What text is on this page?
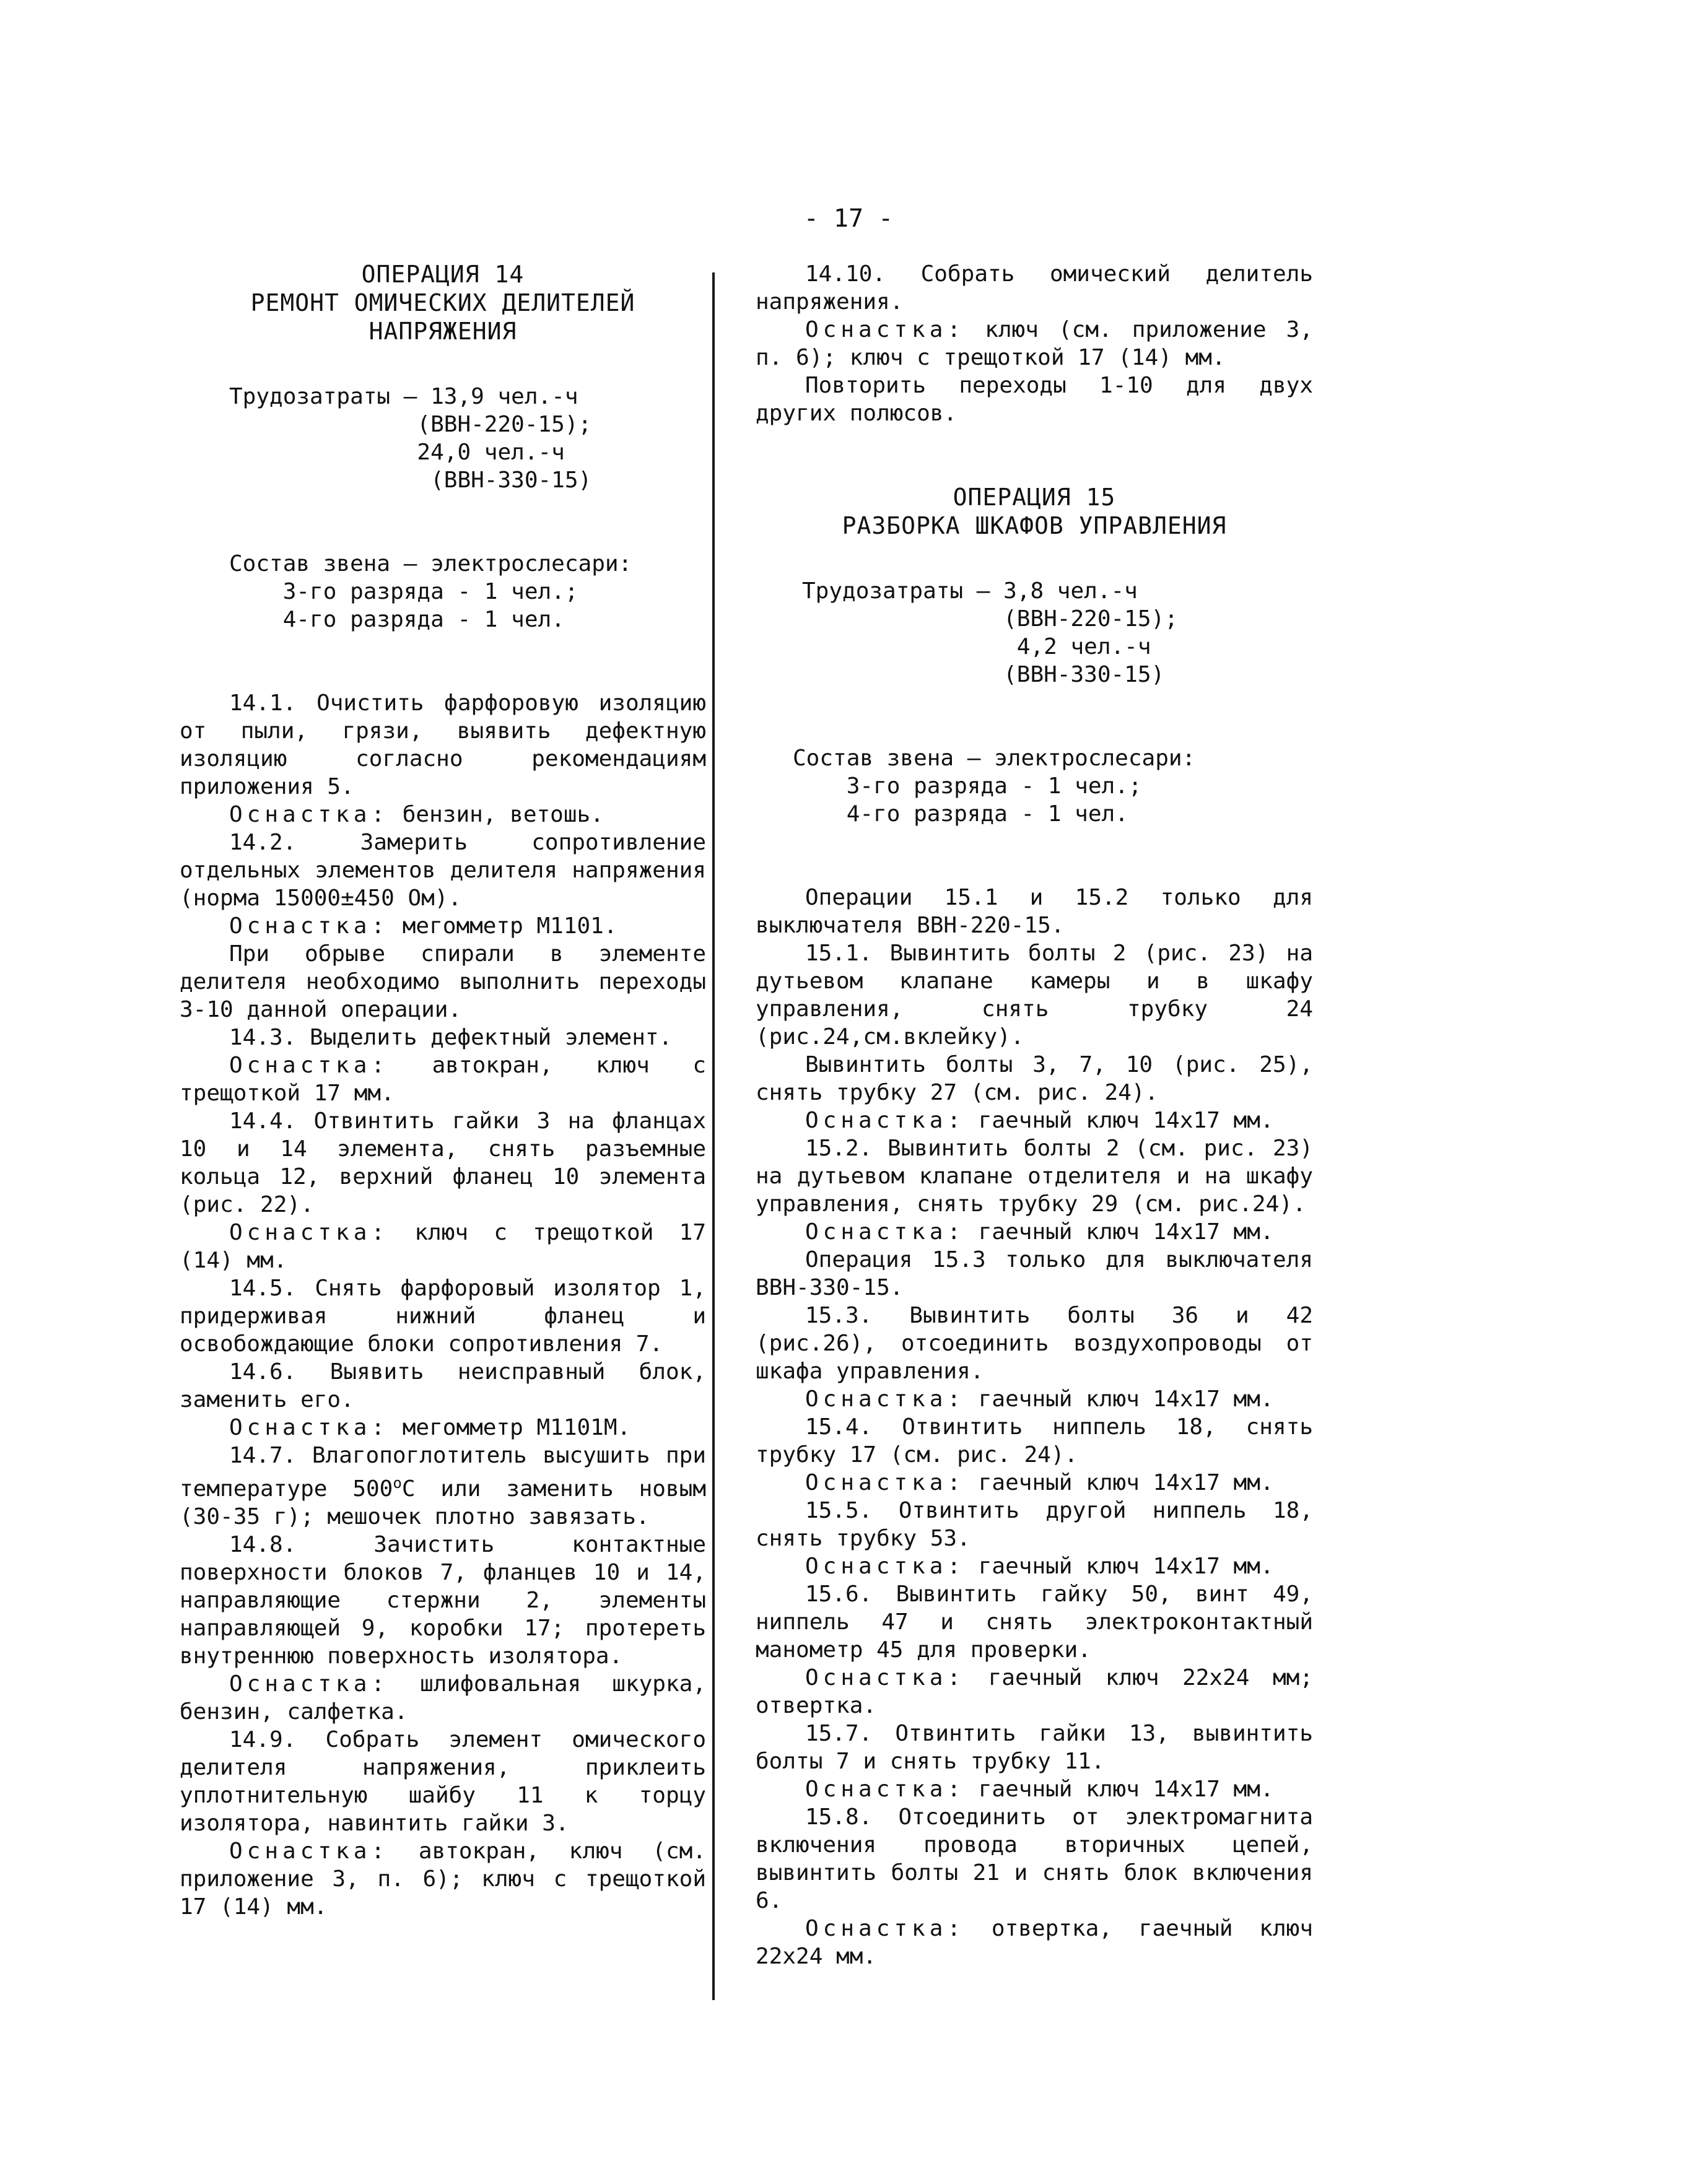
- 17 -
ОПЕРАЦИЯ 14
РЕМОНТ ОМИЧЕСКИХ ДЕЛИТЕЛЕЙ
НАПРЯЖЕНИЯ
Трудозатраты — 13,9 чел.-ч
(ВВН-220-15);
24,0 чел.-ч
(ВВН-330-15)
Состав звена — электрослесари:
3-го разряда - 1 чел.;
4-го разряда - 1 чел.

14.1. Очистить фарфоровую изоляцию от пыли, грязи, выявить дефектную изоляцию согласно рекомендациям приложения 5.

Оснастка: бензин, ветошь.

14.2. Замерить сопротивление отдельных элементов делителя напряжения (норма 15000±450 Ом).

Оснастка: мегомметр М1101.

При обрыве спирали в элементе делителя необходимо выполнить переходы 3-10 данной операции.

14.3. Выделить дефектный элемент.

Оснастка: автокран, ключ с трещоткой 17 мм.

14.4. Отвинтить гайки 3 на фланцах 10 и 14 элемента, снять разъемные кольца 12, верхний фланец 10 элемента (рис. 22).

Оснастка: ключ с трещоткой 17 (14) мм.

14.5. Снять фарфоровый изолятор 1, придерживая нижний фланец и освобождающие блоки сопротивления 7.

14.6. Выявить неисправный блок, заменить его.

Оснастка: мегомметр М1101М.

14.7. Влагопоглотитель высушить при температуре $500^оС$ или заменить новым (30-35 г); мешочек плотно завязать.

14.8. Зачистить контактные поверхности блоков 7, фланцев 10 и 14, направляющие стержни 2, элементы направляющей 9, коробки 17; протереть внутреннюю поверхность изолятора.

Оснастка: шлифовальная шкурка, бензин, салфетка.

14.9. Собрать элемент омического делителя напряжения, приклеить уплотнительную шайбу 11 к торцу изолятора, навинтить гайки 3.

Оснастка: автокран, ключ (см. приложение 3, п. 6); ключ с трещоткой 17 (14) мм.

14.10. Собрать омический делитель напряжения.

Оснастка: ключ (см. приложение 3, п. 6); ключ с трещоткой 17 (14) мм.

Повторить переходы 1-10 для двух других полюсов.

ОПЕРАЦИЯ 15
РАЗБОРКА ШКАФОВ УПРАВЛЕНИЯ
Трудозатраты — 3,8 чел.-ч
(ВВН-220-15);
4,2 чел.-ч
(ВВН-330-15)
Состав звена — электрослесари:
3-го разряда - 1 чел.;
4-го разряда - 1 чел.

Операции 15.1 и 15.2 только для выключателя ВВН-220-15.

15.1. Вывинтить болты 2 (рис. 23) на дутьевом клапане камеры и в шкафу управления, снять трубку 24 (рис.24,см.вклейку).

Вывинтить болты 3, 7, 10 (рис. 25), снять трубку 27 (см. рис. 24).

Оснастка: гаечный ключ 14х17 мм.

15.2. Вывинтить болты 2 (см. рис. 23) на дутьевом клапане отделителя и на шкафу управления, снять трубку 29 (см. рис.24).

Оснастка: гаечный ключ 14х17 мм.

Операция 15.3 только для выключателя ВВН-330-15.

15.3. Вывинтить болты 36 и 42 (рис.26), отсоединить воздухопроводы от шкафа управления.

Оснастка: гаечный ключ 14х17 мм.

15.4. Отвинтить ниппель 18, снять трубку 17 (см. рис. 24).

Оснастка: гаечный ключ 14х17 мм.

15.5. Отвинтить другой ниппель 18, снять трубку 53.

Оснастка: гаечный ключ 14х17 мм.

15.6. Вывинтить гайку 50, винт 49, ниппель 47 и снять электроконтактный манометр 45 для проверки.

Оснастка: гаечный ключ 22х24 мм; отвертка.

15.7. Отвинтить гайки 13, вывинтить болты 7 и снять трубку 11.

Оснастка: гаечный ключ 14х17 мм.

15.8. Отсоединить от электромагнита включения провода вторичных цепей, вывинтить болты 21 и снять блок включения 6.

Оснастка: отвертка, гаечный ключ 22х24 мм.
